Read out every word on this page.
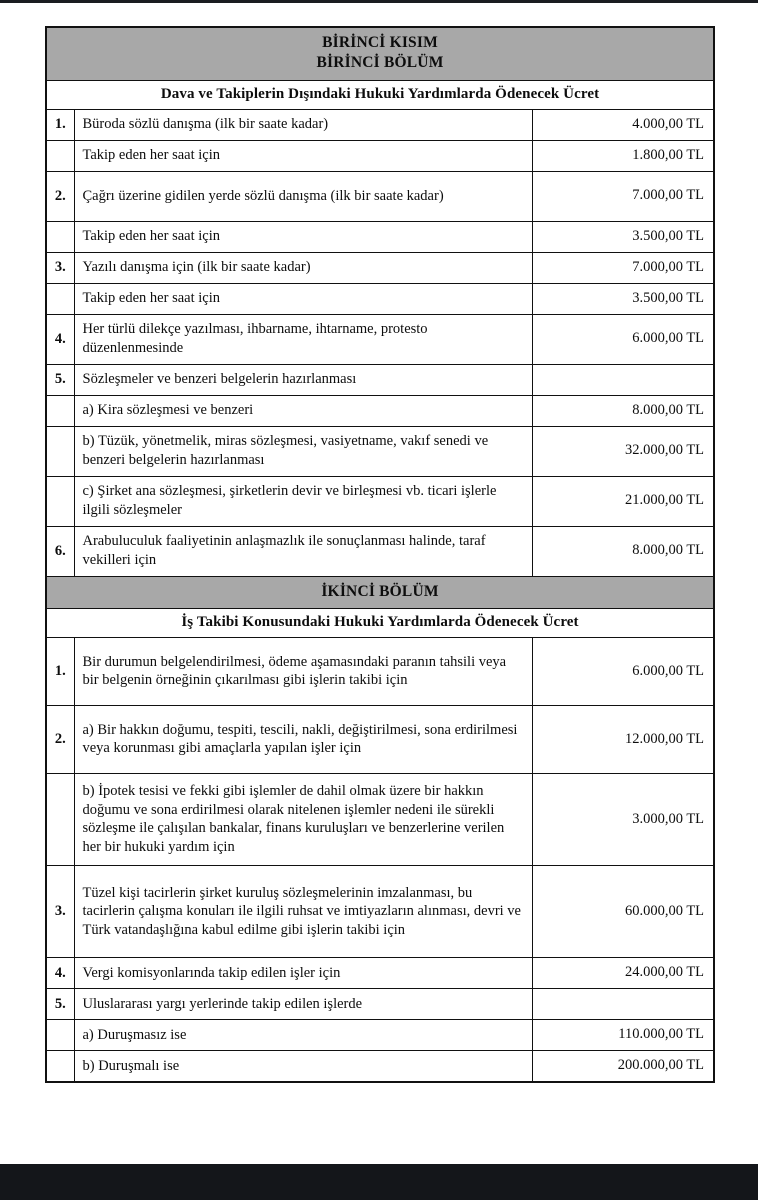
BİRİNCİ KISIM
BİRİNCİ BÖLÜM		

Dava ve Takiplerin Dışındaki Hukuki Yardımlarda Ödenecek Ücret		
1.	Büroda sözlü danışma (ilk bir saate kadar)	4.000,00 TL
	Takip eden her saat için	1.800,00 TL
2.	Çağrı üzerine gidilen yerde sözlü danışma (ilk bir saate kadar)	7.000,00 TL
	Takip eden her saat için	3.500,00 TL
3.	Yazılı danışma için (ilk bir saate kadar)	7.000,00 TL
	Takip eden her saat için	3.500,00 TL
4.	Her türlü dilekçe yazılması, ihbarname, ihtarname, protesto düzenlenmesinde	6.000,00 TL
5.	Sözleşmeler ve benzeri belgelerin hazırlanması	
	a) Kira sözleşmesi ve benzeri	8.000,00 TL
	b) Tüzük, yönetmelik, miras sözleşmesi, vasiyetname, vakıf senedi ve benzeri belgelerin hazırlanması	32.000,00 TL
	c) Şirket ana sözleşmesi, şirketlerin devir ve birleşmesi vb. ticari işlerle ilgili sözleşmeler	21.000,00 TL
6.	Arabuluculuk faaliyetinin anlaşmazlık ile sonuçlanması halinde, taraf vekilleri için	8.000,00 TL
İKİNCİ BÖLÜM		
İş Takibi Konusundaki Hukuki Yardımlarda Ödenecek Ücret		
1.	Bir durumun belgelendirilmesi, ödeme aşamasındaki paranın tahsili veya bir belgenin örneğinin çıkarılması gibi işlerin takibi için	6.000,00 TL
2.	a) Bir hakkın doğumu, tespiti, tescili, nakli, değiştirilmesi, sona erdirilmesi veya korunması gibi amaçlarla yapılan işler için	12.000,00 TL
	b) İpotek tesisi ve fekki gibi işlemler de dahil olmak üzere bir hakkın doğumu ve sona erdirilmesi olarak nitelenen işlemler nedeni ile sürekli sözleşme ile çalışılan bankalar, finans kuruluşları ve benzerlerine verilen her bir hukuki yardım için	3.000,00 TL
3.	Tüzel kişi tacirlerin şirket kuruluş sözleşmelerinin imzalanması, bu tacirlerin çalışma konuları ile ilgili ruhsat ve imtiyazların alınması, devri ve Türk vatandaşlığına kabul edilme gibi işlerin takibi için	60.000,00 TL
4.	Vergi komisyonlarında takip edilen işler için	24.000,00 TL
5.	Uluslararası yargı yerlerinde takip edilen işlerde	
	a) Duruşmasız ise	110.000,00 TL
	b) Duruşmalı ise	200.000,00 TL
